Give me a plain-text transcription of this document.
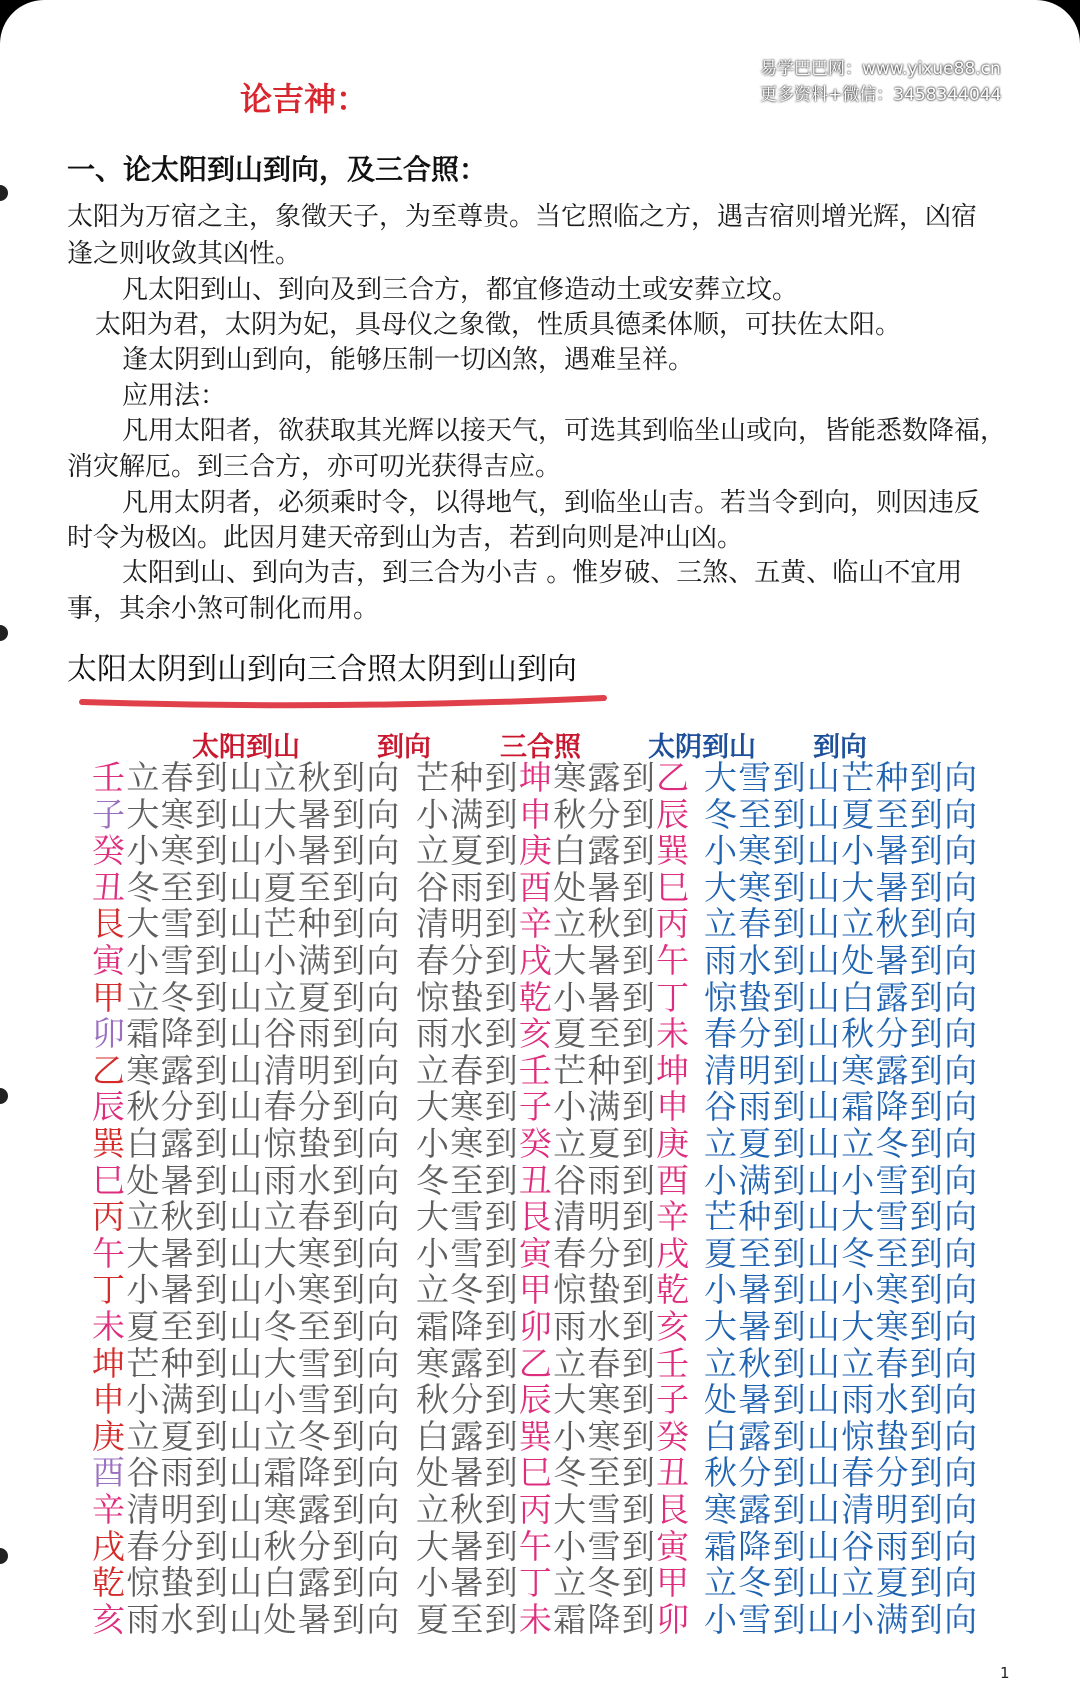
论吉神：
一、论太阳到山到向，及三合照：
太阳为万宿之主，象徵天子，为至尊贵。当它照临之方，遇吉宿则增光辉，凶宿
逢之则收敛其凶性。
凡太阳到山、到向及到三合方，都宜修造动土或安葬立坟。
太阳为君，太阴为妃，具母仪之象徵，性质具德柔体顺，可扶佐太阳。
逢太阴到山到向，能够压制一切凶煞，遇难呈祥。
应用法：
凡用太阳者，欲获取其光辉以接天气，可选其到临坐山或向，皆能悉数降福，
消灾解厄。到三合方，亦可叨光获得吉应。
凡用太阴者，必须乘时令，以得地气，到临坐山吉。若当令到向，则因违反
时令为极凶。此因月建天帝到山为吉，若到向则是冲山凶。
太阳到山、到向为吉，到三合为小吉 。惟岁破、三煞、五黄、临山不宜用
事，其余小煞可制化而用。
太阳太阴到山到向三合照太阴到山到向
太阳到山	到向	三合照 太阴到山 到向
壬立春到山立秋到向 芒种到坤寒露到乙 大雪到山芒种到向
子大寒到山大暑到向 小满到申秋分到辰 冬至到山夏至到向
癸小寒到山小暑到向 立夏到庚白露到巽 小寒到山小暑到向
丑冬至到山夏至到向 谷雨到酉处暑到巳 大寒到山大暑到向
艮大雪到山芒种到向 清明到辛立秋到丙 立春到山立秋到向
寅小雪到山小满到向 春分到戌大暑到午 雨水到山处暑到向
甲立冬到山立夏到向 惊蛰到乾小暑到丁 惊蛰到山白露到向
卯霜降到山谷雨到向 雨水到亥夏至到未 春分到山秋分到向
乙寒露到山清明到向 立春到壬芒种到坤 清明到山寒露到向
辰秋分到山春分到向 大寒到子小满到申 谷雨到山霜降到向
巽白露到山惊蛰到向 小寒到癸立夏到庚 立夏到山立冬到向
巳处暑到山雨水到向 冬至到丑谷雨到酉 小满到山小雪到向
丙立秋到山立春到向 大雪到艮清明到辛 芒种到山大雪到向
午大暑到山大寒到向 小雪到寅春分到戌 夏至到山冬至到向
丁小暑到山小寒到向 立冬到甲惊蛰到乾 小暑到山小寒到向
未夏至到山冬至到向 霜降到卯雨水到亥 大暑到山大寒到向
坤芒种到山大雪到向 寒露到乙立春到壬 立秋到山立春到向
申小满到山小雪到向 秋分到辰大寒到子 处暑到山雨水到向
庚立夏到山立冬到向 白露到巽小寒到癸 白露到山惊蛰到向
酉谷雨到山霜降到向 处暑到巳冬至到丑 秋分到山春分到向
辛清明到山寒露到向 立秋到丙大雪到艮 寒露到山清明到向
戌春分到山秋分到向 大暑到午小雪到寅 霜降到山谷雨到向
乾惊蛰到山白露到向 小暑到丁立冬到甲 立冬到山立夏到向
亥雨水到山处暑到向 夏至到未霜降到卯 小雪到山小满到向
易学巴巴网：www.yixue88.cn
更多资料+微信：3458344044
1
